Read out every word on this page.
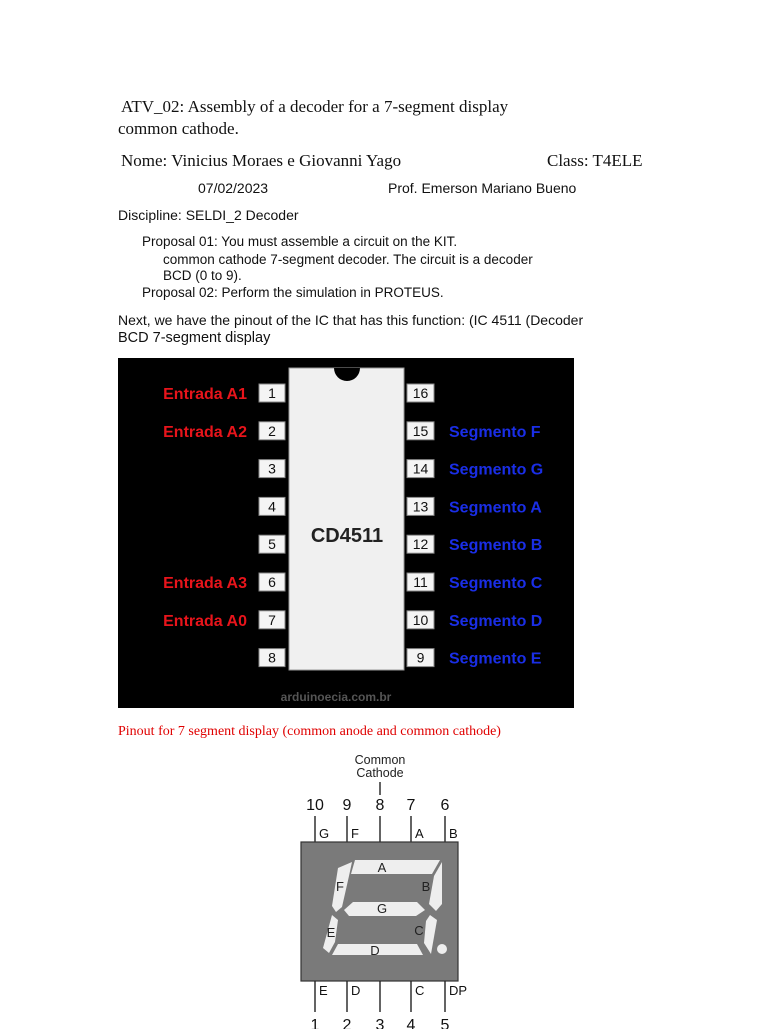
ATV_02: Assembly of a decoder for a 7-segment display
common cathode.
Nome: Vinicius Moraes e Giovanni Yago	Class: T4ELE
07/02/2023	Prof. Emerson Mariano Bueno
Discipline: SELDI_2 Decoder
Proposal 01: You must assemble a circuit on the KIT.
common cathode 7-segment decoder. The circuit is a decoder
BCD (0 to 9).
Proposal 02: Perform the simulation in PROTEUS.
Next, we have the pinout of the IC that has this function: (IC 4511 (Decoder
BCD 7-segment display
CD4511
1
Entrada A1
2
Entrada A2
3
4
5
6
Entrada A3
7
Entrada A0
8
16
15 Segmento F
14 Segmento G
13 Segmento A
12 Segmento B
11 Segmento C
10 Segmento D
9 Segmento E
arduinoecia.com.br
Pinout for 7 segment display (common anode and common cathode)
Common
Cathode
10 9 8 7 6
G F	A B
A
B
C
D
E
F
G
E D	C DP
1 2 3 4 5
